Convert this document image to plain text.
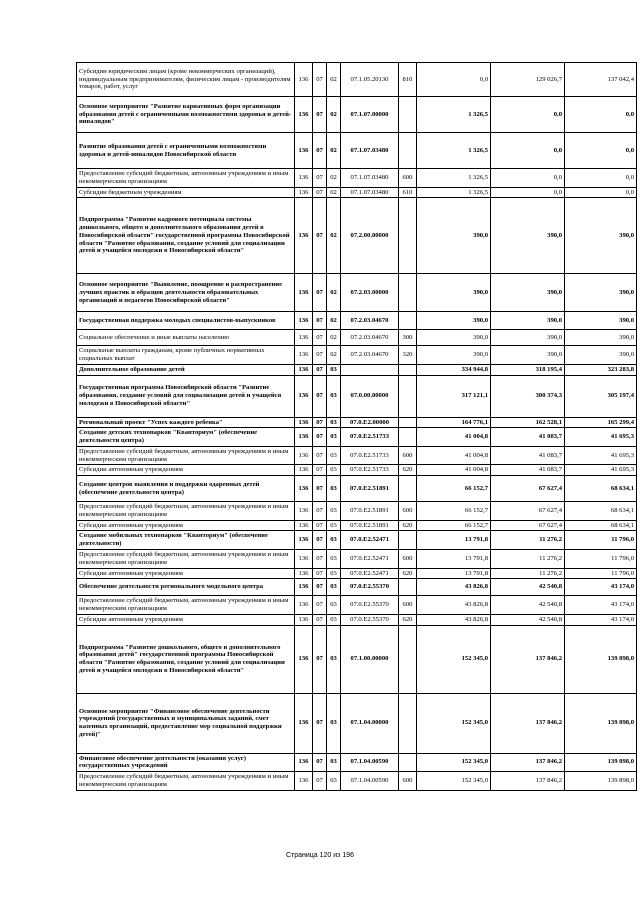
Субсидии юридическим лицам (кроме некоммерческих организаций), индивидуальным предпринимателям, физическим лицам - производителям товаров, работ, услуг	136	07	02	07.1.05.20130	810	0,0	129 026,7	137 042,4
Основное мероприятие "Развитие вариативных форм организации образования детей с ограниченными возможностями здоровья и детей-инвалидов"	136	07	02	07.1.07.00000		1 326,5	0,0	0,0
Развитие образования детей с ограниченными возможностями здоровья и детей-инвалидов Новосибирской области	136	07	02	07.1.07.03480		1 326,5	0,0	0,0
Предоставление субсидий бюджетным, автономным учреждениям и иным некоммерческим организациям	136	07	02	07.1.07.03480	600	1 326,5	0,0	0,0
Субсидии бюджетным учреждениям	136	07	02	07.1.07.03480	610	1 326,5	0,0	0,0
Подпрограмма "Развитие кадрового потенциала системы дошкольного, общего и дополнительного образования детей в Новосибирской области" государственной программы Новосибирской области "Развитие образования, создание условий для социализации детей и учащейся молодежи в Новосибирской области"	136	07	02	07.2.00.00000		390,0	390,0	390,0
Основное мероприятие "Выявление, поощрение и распространение лучших практик и образцов деятельности образовательных организаций и педагогов Новосибирской области"	136	07	02	07.2.03.00000		390,0	390,0	390,0
Государственная поддержка молодых специалистов-выпускников	136	07	02	07.2.03.04670		390,0	390,0	390,0
Социальное обеспечение и иные выплаты населению	136	07	02	07.2.03.04670	300	390,0	390,0	390,0
Социальные выплаты гражданам, кроме публичных нормативных социальных выплат	136	07	02	07.2.03.04670	320	390,0	390,0	390,0
Дополнительное образование детей	136	07	03			334 944,8	318 195,4	323 283,8
Государственная программа Новосибирской области "Развитие образования, создание условий для социализации детей и учащейся молодежи в Новосибирской области"	136	07	03	07.0.00.00000		317 121,1	300 374,3	305 197,4
Региональный проект "Успех каждого ребенка"	136	07	03	07.0.E2.00000		164 776,1	162 528,1	165 299,4
Создание детских технопарков "Кванториум" (обеспечение деятельности центра)	136	07	03	07.0.E2.51733		41 004,8	41 083,7	41 695,3
Предоставление субсидий бюджетным, автономным учреждениям и иным некоммерческим организациям	136	07	03	07.0.E2.51733	600	41 004,8	41 083,7	41 695,3
Субсидии автономным учреждениям	136	07	03	07.0.E2.51733	620	41 004,8	41 083,7	41 695,3
Создание центров выявления и поддержки одаренных детей (обеспечение деятельности центра)	136	07	03	07.0.E2.51891		66 152,7	67 627,4	68 634,1
Предоставление субсидий бюджетным, автономным учреждениям и иным некоммерческим организациям	136	07	03	07.0.E2.51891	600	66 152,7	67 627,4	68 634,1
Субсидии автономным учреждениям	136	07	03	07.0.E2.51891	620	66 152,7	67 627,4	68 634,1
Создание мобильных технопарков "Кванториум" (обеспечение деятельности)	136	07	03	07.0.E2.52471		13 791,8	11 276,2	11 796,0
Предоставление субсидий бюджетным, автономным учреждениям и иным некоммерческим организациям	136	07	03	07.0.E2.52471	600	13 791,8	11 276,2	11 796,0
Субсидии автономным учреждениям	136	07	03	07.0.E2.52471	620	13 791,8	11 276,2	11 796,0
Обеспечение деятельности регионального модельного центра	136	07	03	07.0.E2.55370		43 826,8	42 540,8	43 174,0
Предоставление субсидий бюджетным, автономным учреждениям и иным некоммерческим организациям	136	07	03	07.0.E2.55370	600	43 826,8	42 540,8	43 174,0
Субсидии автономным учреждениям	136	07	03	07.0.E2.55370	620	43 826,8	42 540,8	43 174,0
Подпрограмма "Развитие дошкольного, общего и дополнительного образования детей" государственной программы Новосибирской области "Развитие образования, создание условий для социализации детей и учащейся молодежи в Новосибирской области"	136	07	03	07.1.00.00000		152 345,0	137 846,2	139 898,0
Основное мероприятие "Финансовое обеспечение деятельности учреждений (государственных и муниципальных заданий, смет казенных организаций, предоставление мер социальной поддержки детей)"	136	07	03	07.1.04.00000		152 345,0	137 846,2	139 898,0
Финансовое обеспечение деятельности (оказания услуг) государственных учреждений	136	07	03	07.1.04.00590		152 345,0	137 846,2	139 898,0
Предоставление субсидий бюджетным, автономным учреждениям и иным некоммерческим организациям	136	07	03	07.1.04.00590	600	152 345,0	137 846,2	139 898,0
Страница 120 из 196
